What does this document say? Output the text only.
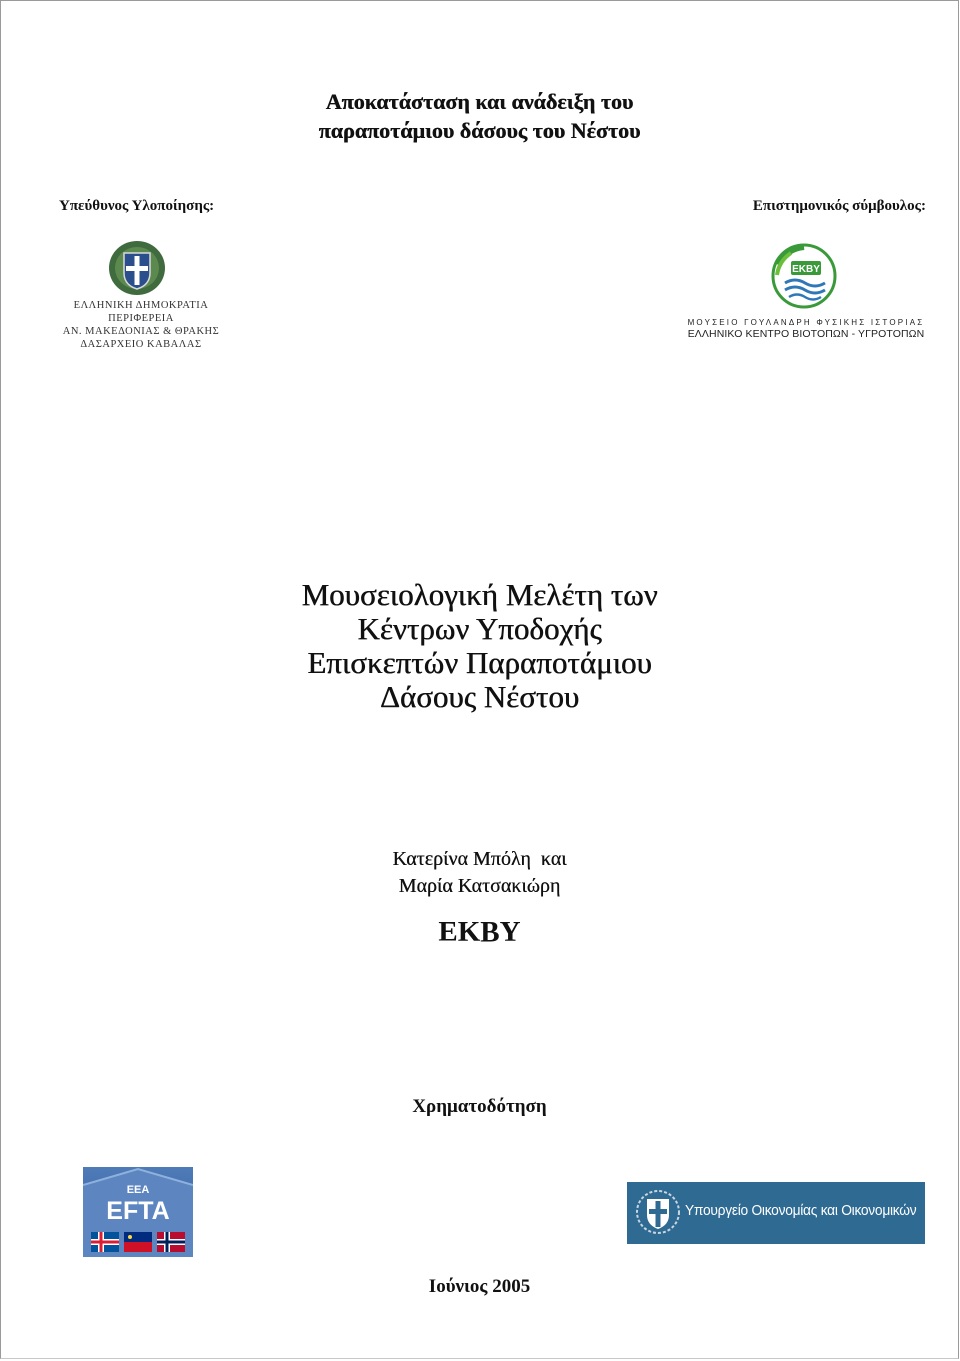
Αποκατάσταση και ανάδειξη του
παραποτάμιου δάσους του Νέστου
Υπεύθυνος Υλοποίησης:	Επιστημονικός σύμβουλος:
ΕΛΛΗΝΙΚΗ ΔΗΜΟΚΡΑΤΙΑ
ΠΕΡΙΦΕΡΕΙΑ
ΑΝ. ΜΑΚΕΔΟΝΙΑΣ & ΘΡΑΚΗΣ
ΔΑΣΑΡΧΕΙΟ ΚΑΒΑΛΑΣ
ΕΚΒΥ
ΜΟΥΣΕΙΟ ΓΟΥΛΑΝΔΡΗ ΦΥΣΙΚΗΣ ΙΣΤΟΡΙΑΣ
ΕΛΛΗΝΙΚΟ ΚΕΝΤΡΟ ΒΙΟΤΟΠΩΝ - ΥΓΡΟΤΟΠΩΝ
Μουσειολογική Μελέτη των
Κέντρων Υποδοχής
Επισκεπτών Παραποτάμιου
Δάσους Νέστου
Κατερίνα Μπόλη  και
Μαρία Κατσακιώρη
ΕΚΒΥ
Χρηματοδότηση
EEA
EFTA	Υπουργείο Οικονομίας και Οικονομικών
Ιούνιος 2005
